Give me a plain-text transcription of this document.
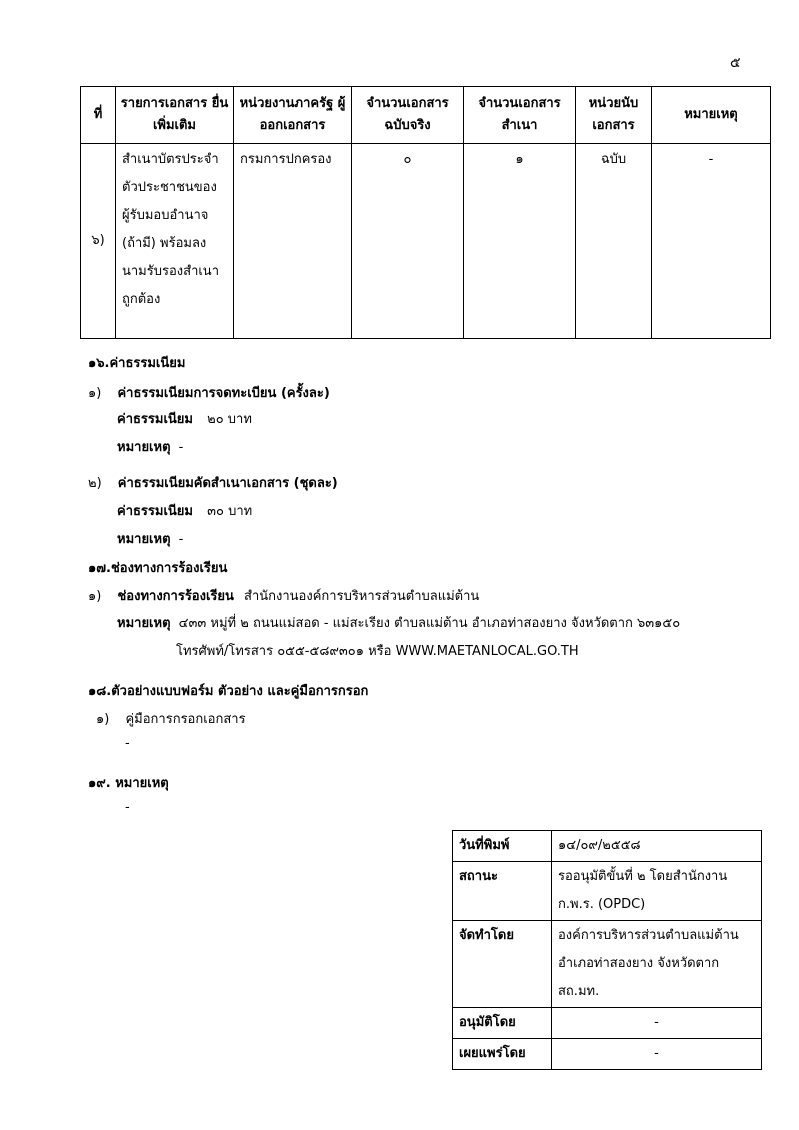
๕
ที่	รายการเอกสาร ยื่นเพิ่มเติม	หน่วยงานภาครัฐ ผู้ออกเอกสาร	จำนวนเอกสาร ฉบับจริง	จำนวนเอกสาร สำเนา	หน่วยนับ เอกสาร	หมายเหตุ
๖)	สำเนาบัตรประจำตัวประชาชนของผู้รับมอบอำนาจ (ถ้ามี) พร้อมลงนามรับรองสำเนาถูกต้อง	กรมการปกครอง	๐	๑	ฉบับ	-
๑๖.ค่าธรรมเนียม
๑) ค่าธรรมเนียมการจดทะเบียน (ครั้งละ)
ค่าธรรมเนียม ๒๐ บาท
หมายเหตุ -
๒) ค่าธรรมเนียมคัดสำเนาเอกสาร (ชุดละ)
ค่าธรรมเนียม ๓๐ บาท
หมายเหตุ -
๑๗.ช่องทางการร้องเรียน
๑) ช่องทางการร้องเรียน สำนักงานองค์การบริหารส่วนตำบลแม่ต้าน
หมายเหตุ ๔๓๓ หมู่ที่ ๒ ถนนแม่สอด - แม่สะเรียง ตำบลแม่ต้าน อำเภอท่าสองยาง จังหวัดตาก ๖๓๑๕๐
โทรศัพท์/โทรสาร ๐๕๕-๕๘๙๓๐๑ หรือ WWW.MAETANLOCAL.GO.TH
๑๘.ตัวอย่างแบบฟอร์ม ตัวอย่าง และคู่มือการกรอก
๑) คู่มือการกรอกเอกสาร
-
๑๙. หมายเหตุ
-
วันที่พิมพ์	๑๔/๐๙/๒๕๕๘
สถานะ	รออนุมัติขั้นที่ ๒ โดยสำนักงาน ก.พ.ร. (OPDC)
จัดทำโดย	องค์การบริหารส่วนตำบลแม่ต้าน อำเภอท่าสองยาง จังหวัดตาก สถ.มท.
อนุมัติโดย	-
เผยแพร่โดย	-
